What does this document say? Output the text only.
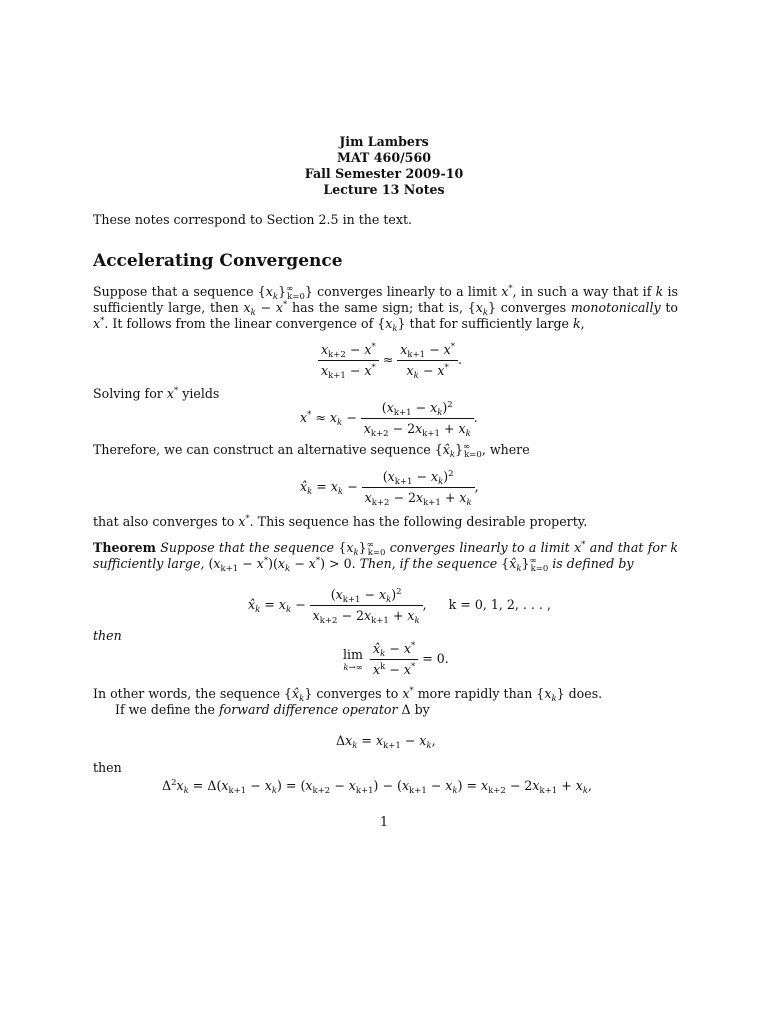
Jim Lambers
MAT 460/560
Fall Semester 2009-10
Lecture 13 Notes
These notes correspond to Section 2.5 in the text.
Accelerating Convergence
Suppose that a sequence $\{x_k\}^\infty_{k=0}$} converges linearly to a limit x*, in such a way that if k is sufficiently large, then $x_k - x^*$ has the same sign; that is, $\{x_k\}$ converges monotonically to x*. It follows from the linear convergence of $\{x_k\}$ that for sufficiently large k,
$\frac{x_{k+2} - x^*}{x_{k+1} - x^*} \approx \frac{x_{k+1} - x^*}{x_k - x^*}$ .
Solving for x* yields
$x^* \approx x_k - \frac{(x_{k+1} - x_k)^2}{x_{k+2} - 2x_{k+1} + x_k}$ .
Therefore, we can construct an alternative sequence $\{x̂_k\}^\infty_{k=0}$, where
$x̂_k = x_k - \frac{(x_{k+1} - x_k)^2}{x_{k+2} - 2x_{k+1} + x_k}$ ,
that also converges to x*. This sequence has the following desirable property.
Theorem Suppose that the sequence $\{x_k\}^\infty_{k=0}$ converges linearly to a limit x* and that for k sufficiently large, $(x_{k+1} - x^*)(x_k - x^*) > 0$. Then, if the sequence $\{x̂_k\}^\infty_{k=0}$ is defined by
$x̂_k = x_k - \frac{(x_{k+1} - x_k)^2}{x_{k+2} - 2x_{k+1} + x_k}$ , k = 0, 1, 2, . . . ,
then
lim
k→∞
$\frac{x̂_k - x^*}{x^k - x^*} = 0$.
In other words, the sequence $\{x̂_k\}$ converges to x* more rapidly than $\{x_k\}$ does.
If we define the forward difference operator Δ by
$\Delta x_k = x_{k+1} - x_k$,
then
$\Delta^2x_k = \Delta(x_{k+1} - x_k) = (x_{k+2} - x_{k+1}) - (x_{k+1} - x_k) = x_{k+2} - 2x_{k+1} + x_k$,
1
